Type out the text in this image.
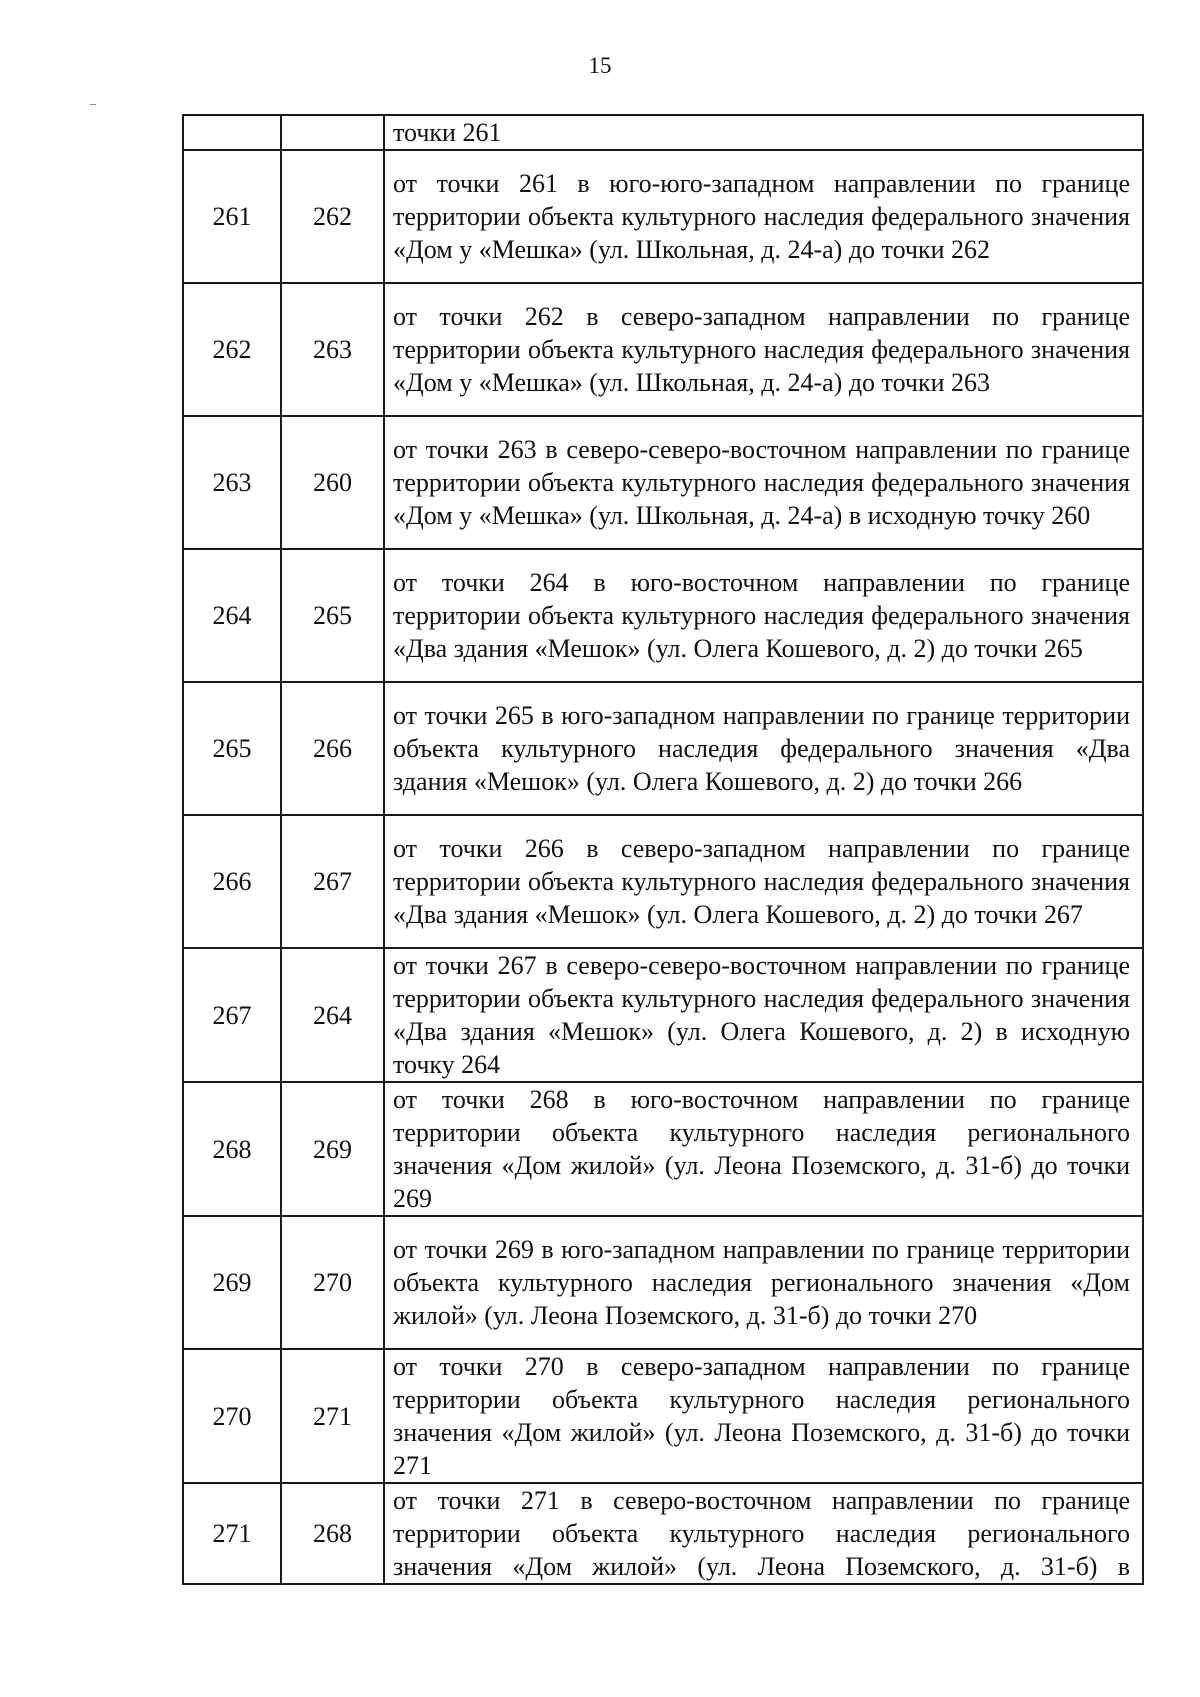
15
		точки 261
261	262	от точки 261 в юго-юго-западном направлении по границе территории объекта культурного наследия федерального значения «Дом у «Мешка» (ул. Школьная, д. 24-а) до точки 262
262	263	от точки 262 в северо-западном направлении по границе территории объекта культурного наследия федерального значения «Дом у «Мешка» (ул. Школьная, д. 24-а) до точки 263
263	260	от точки 263 в северо-северо-восточном направлении по границе территории объекта культурного наследия федерального значения «Дом у «Мешка» (ул. Школьная, д. 24-а) в исходную точку 260
264	265	от точки 264 в юго-восточном направлении по границе территории объекта культурного наследия федерального значения «Два здания «Мешок» (ул. Олега Кошевого, д. 2) до точки 265
265	266	от точки 265 в юго-западном направлении по границе территории объекта культурного наследия федерального значения «Два здания «Мешок» (ул. Олега Кошевого, д. 2) до точки 266
266	267	от точки 266 в северо-западном направлении по границе территории объекта культурного наследия федерального значения «Два здания «Мешок» (ул. Олега Кошевого, д. 2) до точки 267
267	264	от точки 267 в северо-северо-восточном направлении по границе территории объекта культурного наследия федерального значения «Два здания «Мешок» (ул. Олега Кошевого, д. 2) в исходную точку 264
268	269	от точки 268 в юго-восточном направлении по границе территории объекта культурного наследия регионального значения «Дом жилой» (ул. Леона Поземского, д. 31-б) до точки 269
269	270	от точки 269 в юго-западном направлении по границе территории объекта культурного наследия регионального значения «Дом жилой» (ул. Леона Поземского, д. 31-б) до точки 270
270	271	от точки 270 в северо-западном направлении по границе территории объекта культурного наследия регионального значения «Дом жилой» (ул. Леона Поземского, д. 31-б) до точки 271
271	268	от точки 271 в северо-восточном направлении по границе территории объекта культурного наследия регионального значения «Дом жилой» (ул. Леона Поземского, д. 31-б) в
